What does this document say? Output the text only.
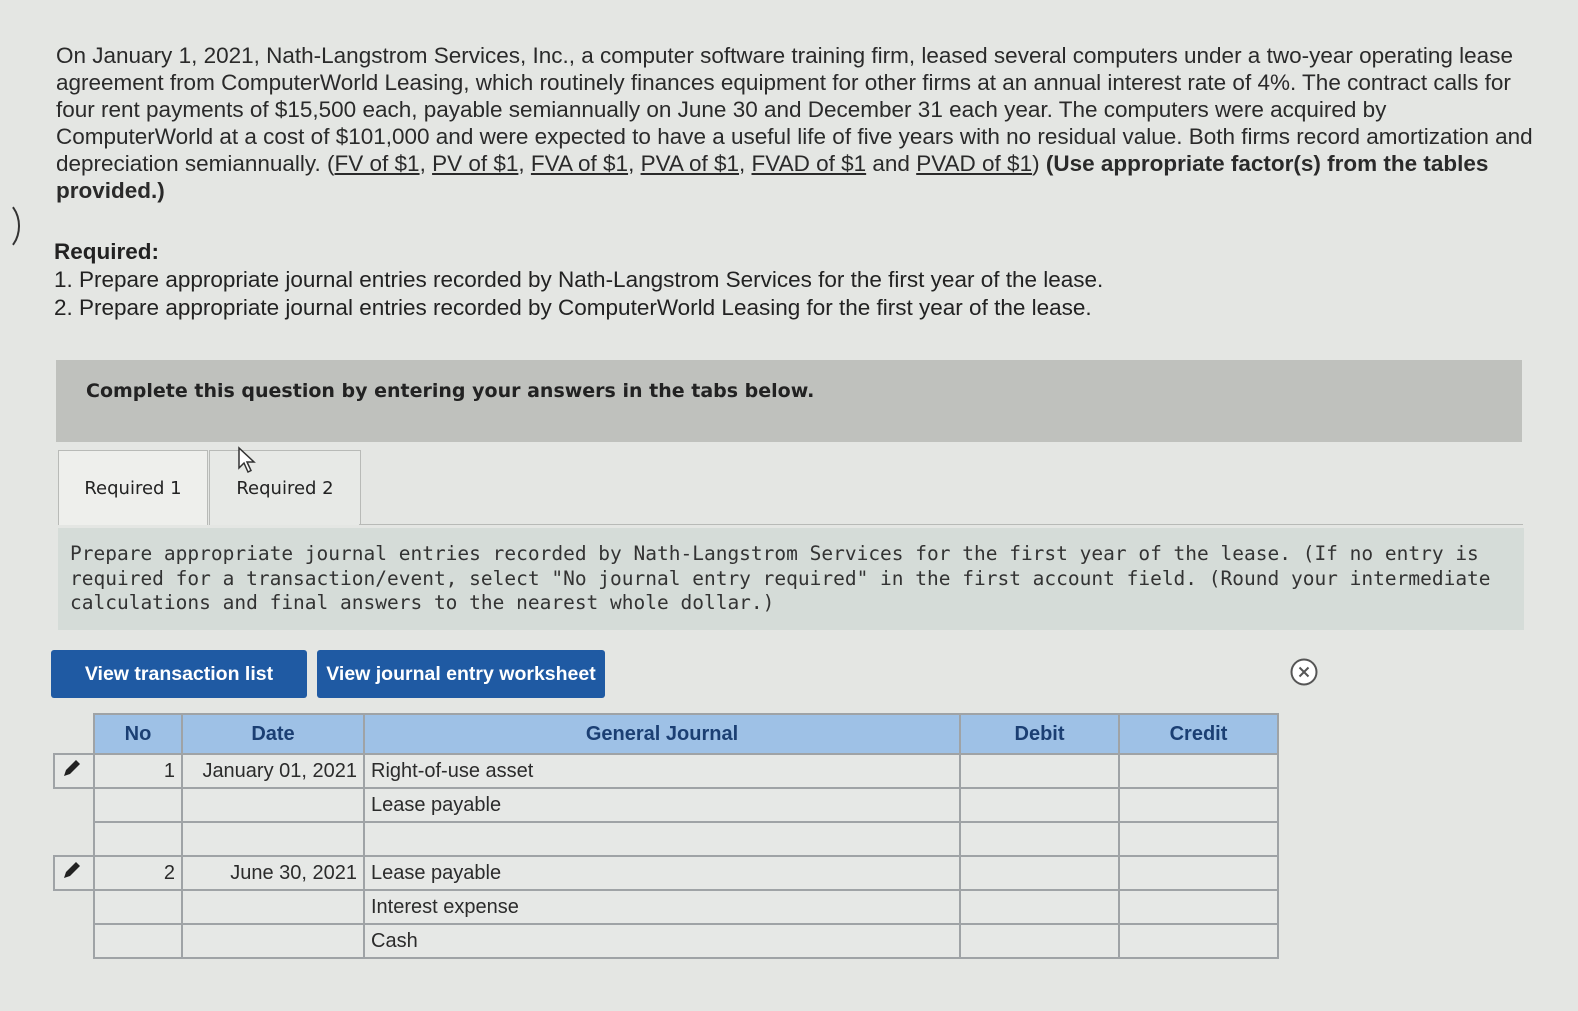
On January 1, 2021, Nath-Langstrom Services, Inc., a computer software training firm, leased several computers under a two-year operating lease agreement from ComputerWorld Leasing, which routinely finances equipment for other firms at an annual interest rate of 4%. The contract calls for four rent payments of $15,500 each, payable semiannually on June 30 and December 31 each year. The computers were acquired by ComputerWorld at a cost of $101,000 and were expected to have a useful life of five years with no residual value. Both firms record amortization and depreciation semiannually. (FV of $1, PV of $1, FVA of $1, PVA of $1, FVAD of $1 and PVAD of $1) (Use appropriate factor(s) from the tables provided.)
Required:
1. Prepare appropriate journal entries recorded by Nath-Langstrom Services for the first year of the lease.
2. Prepare appropriate journal entries recorded by ComputerWorld Leasing for the first year of the lease.
Complete this question by entering your answers in the tabs below.
Required 1	Required 2

Prepare appropriate journal entries recorded by Nath-Langstrom Services for the first year of the lease. (If no entry is required for a transaction/event, select "No journal entry required" in the first account field. (Round your intermediate calculations and final answers to the nearest whole dollar.)

View transaction list	View journal entry worksheet
	No	Date	General Journal	Debit	Credit
	1	January 01, 2021	Right-of-use asset		
			Lease payable		

	2	June 30, 2021	Lease payable		
			Interest expense		
			Cash		
